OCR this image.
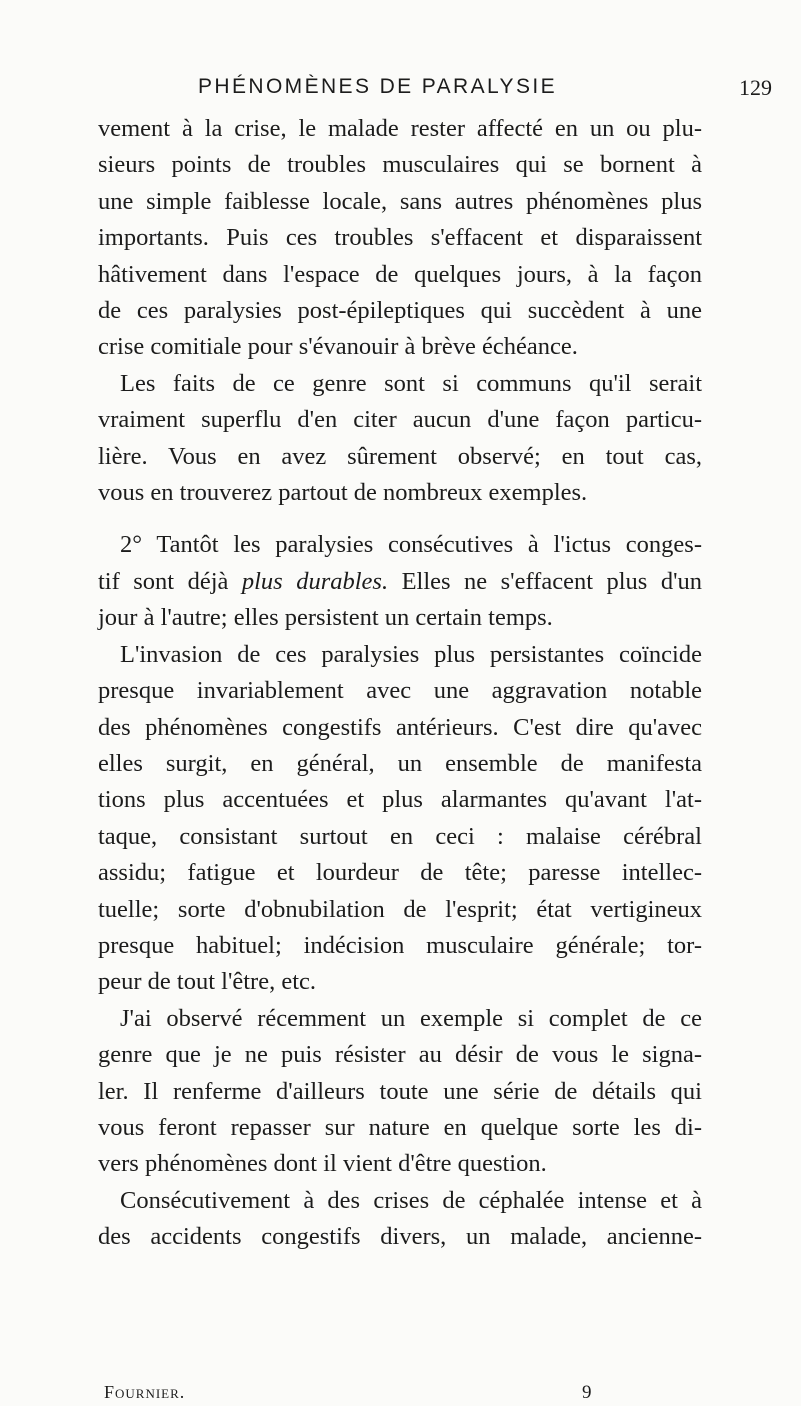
PHÉNOMÈNES DE PARALYSIE	129
vement à la crise, le malade rester affecté en un ou plu-
sieurs points de troubles musculaires qui se bornent à
une simple faiblesse locale, sans autres phénomènes plus
importants. Puis ces troubles s'effacent et disparaissent
hâtivement dans l'espace de quelques jours, à la façon
de ces paralysies post-épileptiques qui succèdent à une
crise comitiale pour s'évanouir à brève échéance.
Les faits de ce genre sont si communs qu'il serait
vraiment superflu d'en citer aucun d'une façon particu-
lière. Vous en avez sûrement observé; en tout cas,
vous en trouverez partout de nombreux exemples.
2° Tantôt les paralysies consécutives à l'ictus conges-
tif sont déjà plus durables. Elles ne s'effacent plus d'un
jour à l'autre; elles persistent un certain temps.
L'invasion de ces paralysies plus persistantes coïncide
presque invariablement avec une aggravation notable
des phénomènes congestifs antérieurs. C'est dire qu'avec
elles surgit, en général, un ensemble de manifesta
tions plus accentuées et plus alarmantes qu'avant l'at-
taque, consistant surtout en ceci : malaise cérébral
assidu; fatigue et lourdeur de tête; paresse intellec-
tuelle; sorte d'obnubilation de l'esprit; état vertigineux
presque habituel; indécision musculaire générale; tor-
peur de tout l'être, etc.
J'ai observé récemment un exemple si complet de ce
genre que je ne puis résister au désir de vous le signa-
ler. Il renferme d'ailleurs toute une série de détails qui
vous feront repasser sur nature en quelque sorte les di-
vers phénomènes dont il vient d'être question.
Consécutivement à des crises de céphalée intense et à
des accidents congestifs divers, un malade, ancienne-
Fournier.	9
